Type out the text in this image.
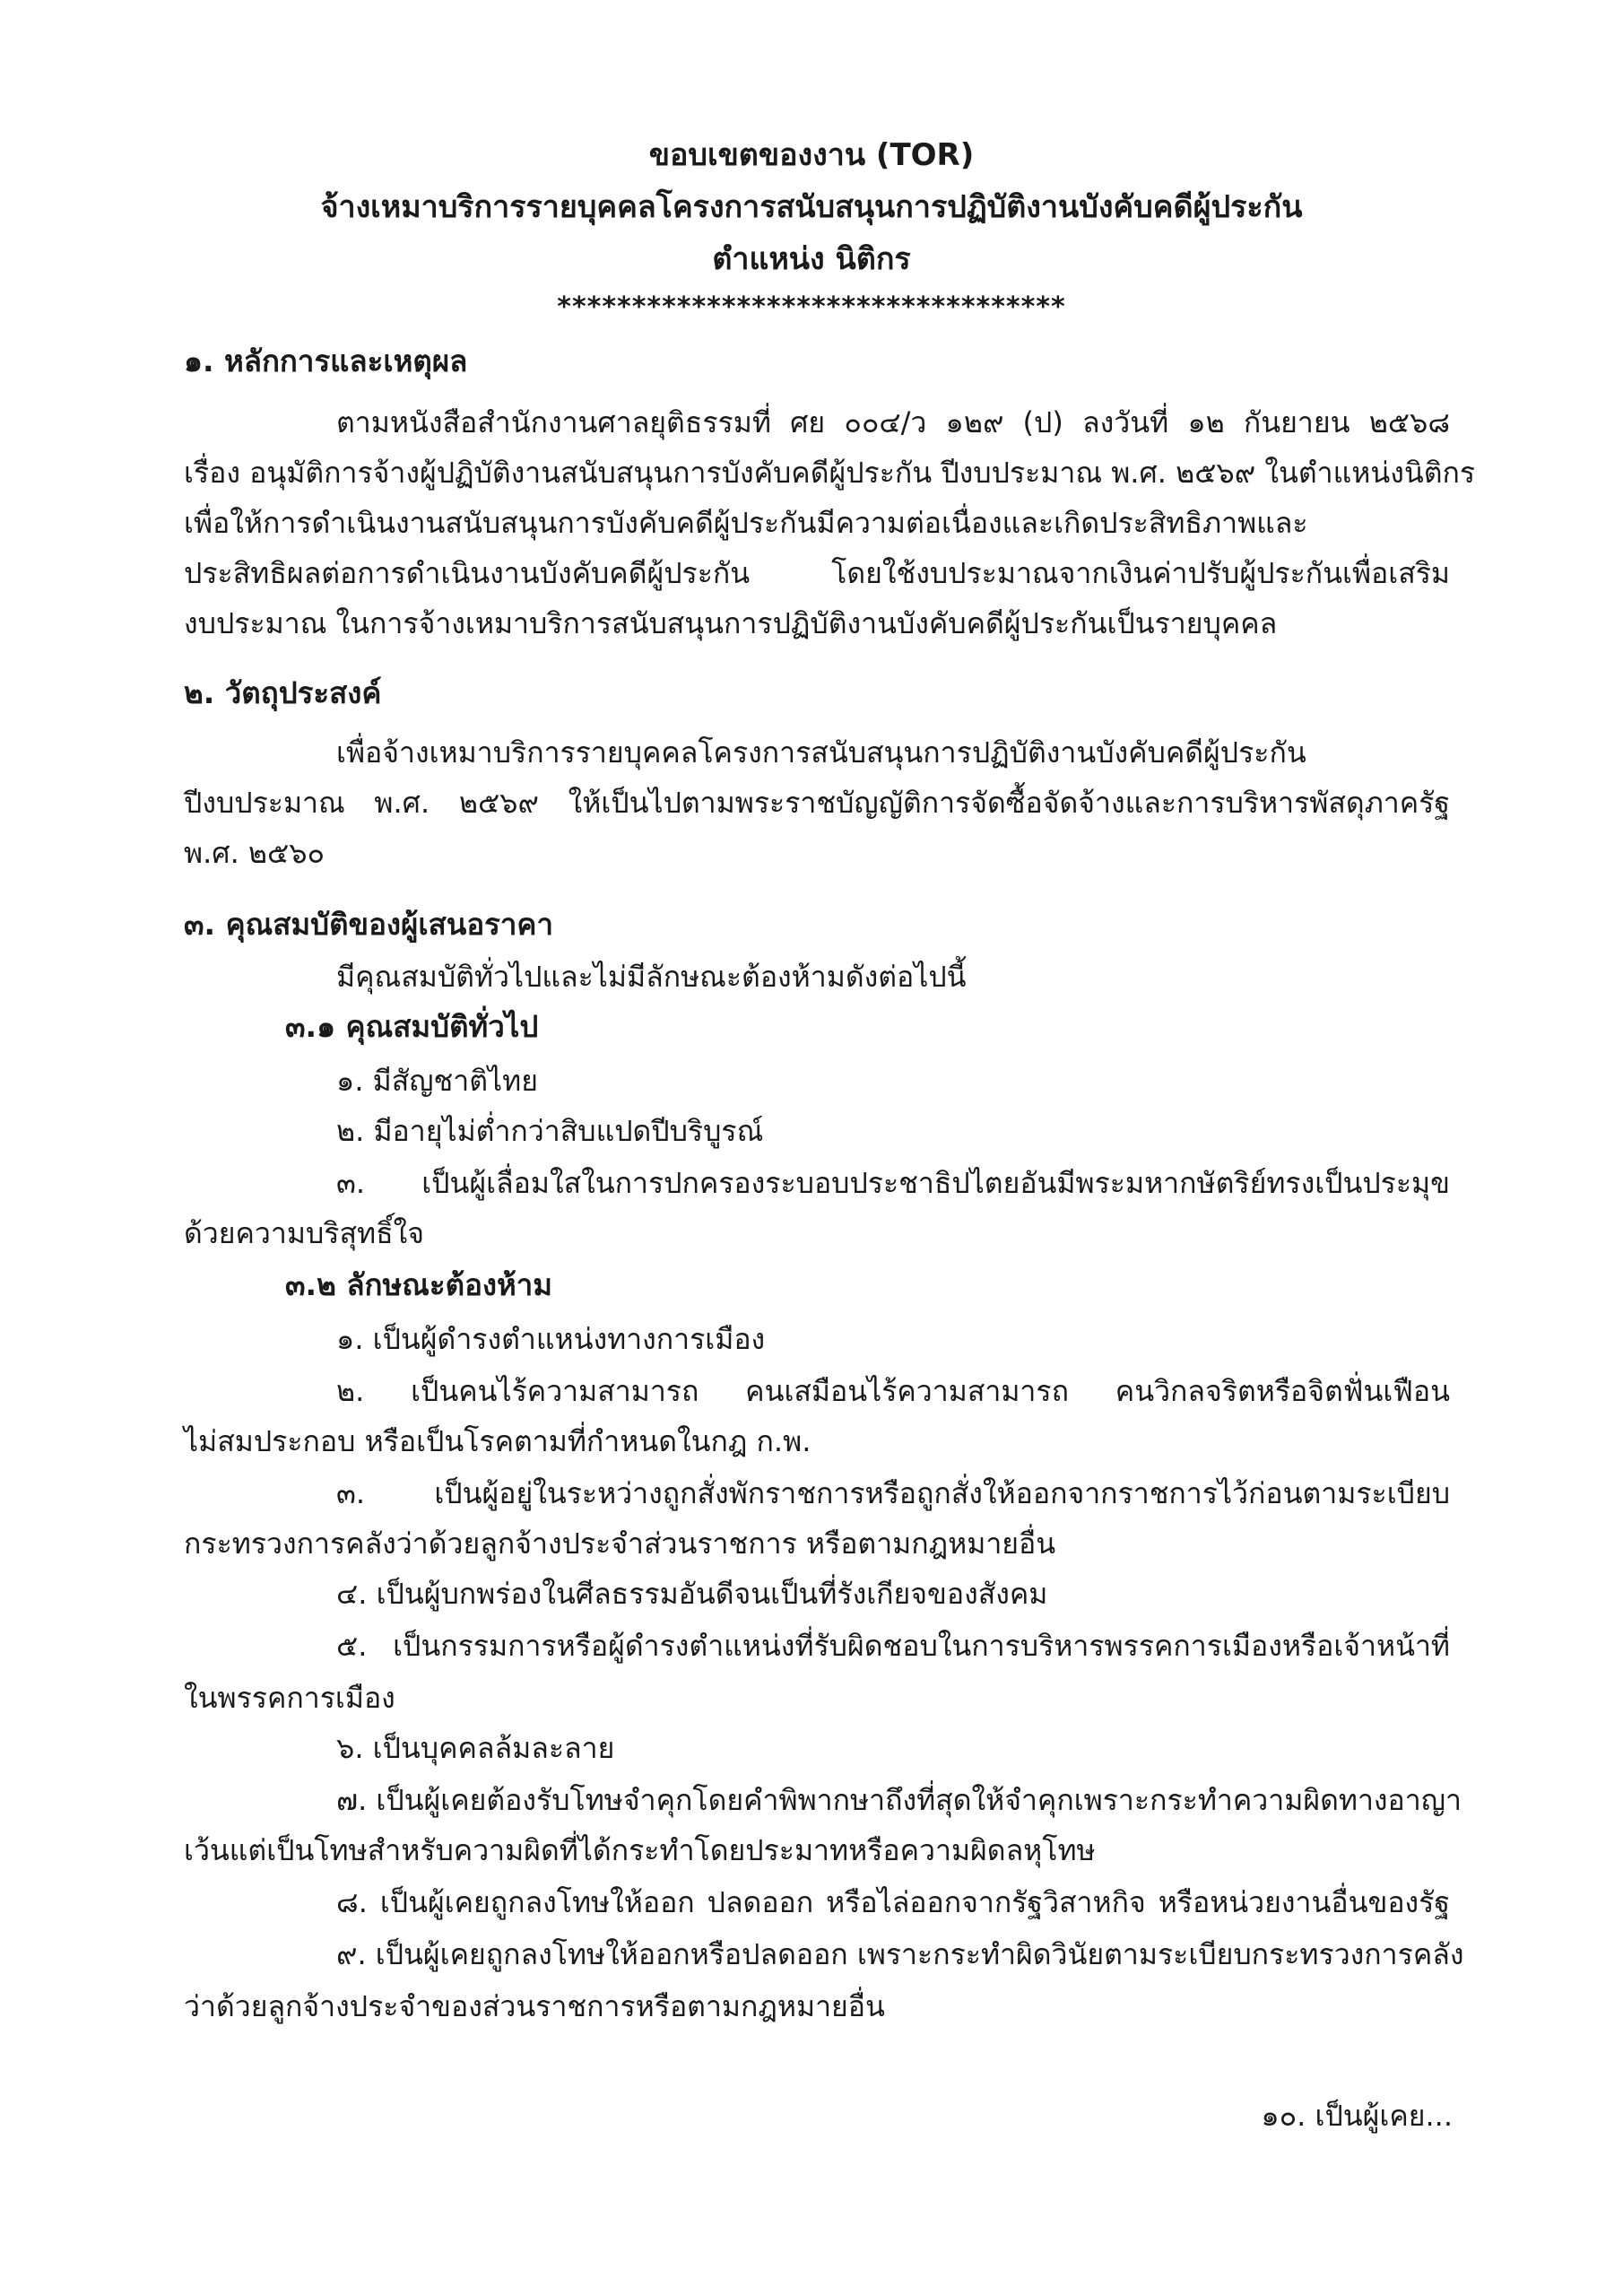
ขอบเขตของงาน (TOR)
จ้างเหมาบริการรายบุคคลโครงการสนับสนุนการปฏิบัติงานบังคับคดีผู้ประกัน
ตำแหน่ง นิติกร
**********************************
๑. หลักการและเหตุผล
ตามหนังสือสำนักงานศาลยุติธรรมที่ ศย ๐๐๔/ว ๑๒๙ (ป) ลงวันที่ ๑๒ กันยายน ๒๕๖๘
เรื่อง อนุมัติการจ้างผู้ปฏิบัติงานสนับสนุนการบังคับคดีผู้ประกัน ปีงบประมาณ พ.ศ. ๒๕๖๙ ในตำแหน่งนิติกร
เพื่อให้การดำเนินงานสนับสนุนการบังคับคดีผู้ประกันมีความต่อเนื่องและเกิดประสิทธิภาพและ
ประสิทธิผลต่อการดำเนินงานบังคับคดีผู้ประกัน โดยใช้งบประมาณจากเงินค่าปรับผู้ประกันเพื่อเสริม
งบประมาณ ในการจ้างเหมาบริการสนับสนุนการปฏิบัติงานบังคับคดีผู้ประกันเป็นรายบุคคล
๒. วัตถุประสงค์
เพื่อจ้างเหมาบริการรายบุคคลโครงการสนับสนุนการปฏิบัติงานบังคับคดีผู้ประกัน
ปีงบประมาณ พ.ศ. ๒๕๖๙ ให้เป็นไปตามพระราชบัญญัติการจัดซื้อจัดจ้างและการบริหารพัสดุภาครัฐ
พ.ศ. ๒๕๖๐
๓. คุณสมบัติของผู้เสนอราคา
มีคุณสมบัติทั่วไปและไม่มีลักษณะต้องห้ามดังต่อไปนี้
๓.๑ คุณสมบัติทั่วไป
๑. มีสัญชาติไทย
๒. มีอายุไม่ต่ำกว่าสิบแปดปีบริบูรณ์
๓. เป็นผู้เลื่อมใสในการปกครองระบอบประชาธิปไตยอันมีพระมหากษัตริย์ทรงเป็นประมุข
ด้วยความบริสุทธิ์ใจ
๓.๒ ลักษณะต้องห้าม
๑. เป็นผู้ดำรงตำแหน่งทางการเมือง
๒. เป็นคนไร้ความสามารถ คนเสมือนไร้ความสามารถ คนวิกลจริตหรือจิตฟั่นเฟือน
ไม่สมประกอบ หรือเป็นโรคตามที่กำหนดในกฎ ก.พ.
๓. เป็นผู้อยู่ในระหว่างถูกสั่งพักราชการหรือถูกสั่งให้ออกจากราชการไว้ก่อนตามระเบียบ
กระทรวงการคลังว่าด้วยลูกจ้างประจำส่วนราชการ หรือตามกฎหมายอื่น
๔. เป็นผู้บกพร่องในศีลธรรมอันดีจนเป็นที่รังเกียจของสังคม
๕. เป็นกรรมการหรือผู้ดำรงตำแหน่งที่รับผิดชอบในการบริหารพรรคการเมืองหรือเจ้าหน้าที่
ในพรรคการเมือง
๖. เป็นบุคคลล้มละลาย
๗. เป็นผู้เคยต้องรับโทษจำคุกโดยคำพิพากษาถึงที่สุดให้จำคุกเพราะกระทำความผิดทางอาญา
เว้นแต่เป็นโทษสำหรับความผิดที่ได้กระทำโดยประมาทหรือความผิดลหุโทษ
๘. เป็นผู้เคยถูกลงโทษให้ออก ปลดออก หรือไล่ออกจากรัฐวิสาหกิจ หรือหน่วยงานอื่นของรัฐ
๙. เป็นผู้เคยถูกลงโทษให้ออกหรือปลดออก เพราะกระทำผิดวินัยตามระเบียบกระทรวงการคลัง
ว่าด้วยลูกจ้างประจำของส่วนราชการหรือตามกฎหมายอื่น
๑๐. เป็นผู้เคย...
